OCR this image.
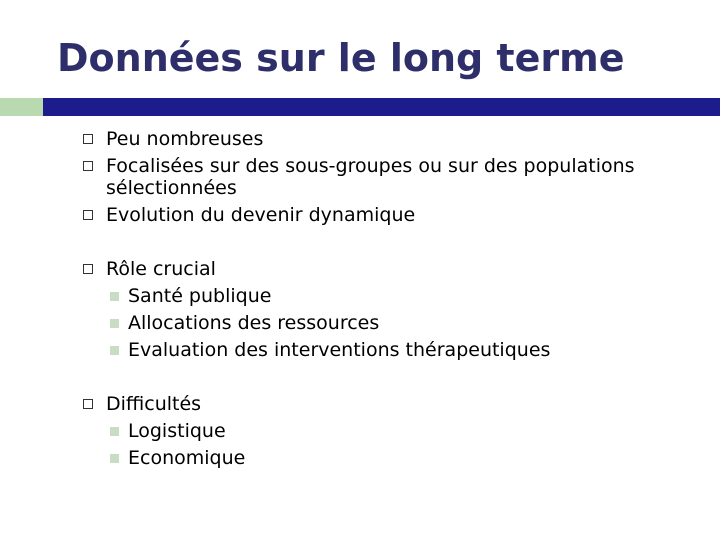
Données sur le long terme
Peu nombreuses
Focalisées sur des sous-groupes ou sur des populations
sélectionnées
Evolution du devenir dynamique
Rôle crucial
Santé publique
Allocations des ressources
Evaluation des interventions thérapeutiques
Difficultés
Logistique
Economique
